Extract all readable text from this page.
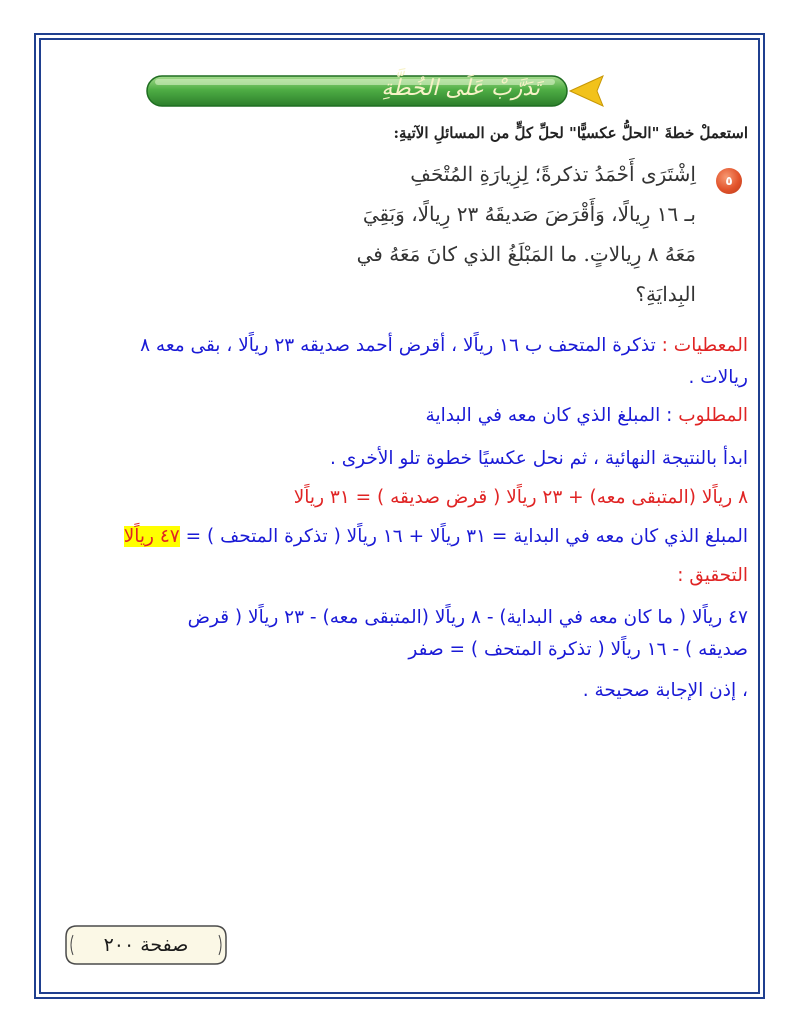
تَدَرَّبْ عَلَى الخُطَّةِ
استعملْ خطةَ "الحلُّ عكسيًّا" لحلِّ كلٍّ من المسائلِ الآتيةِ:
٥
اِشْتَرَى أَحْمَدُ تذكرةً؛ لِزِيارَةِ المُتْحَفِ
بـ ١٦ رِيالًا، وَأَقْرَضَ صَديقَهُ ٢٣ رِيالًا، وَبَقِيَ
مَعَهُ ٨ رِيالاتٍ. ما المَبْلَغُ الذي كانَ مَعَهُ في
البِدايَةِ؟
المعطيات : تذكرة المتحف ب ١٦ رياًلا ، أقرض أحمد صديقه ٢٣ رياًلا ، بقى معه ٨
ريالات .
المطلوب : المبلغ الذي كان معه في البداية
ابدأ بالنتيجة النهائية ، ثم نحل عكسيًا خطوة تلو الأخرى .
٨ رياًلا (المتبقى معه) + ٢٣ رياًلا ( قرض صديقه ) = ٣١ رياًلا
المبلغ الذي كان معه في البداية = ٣١ رياًلا + ١٦ رياًلا ( تذكرة المتحف ) = ٤٧ رياًلا
التحقيق :
٤٧ رياًلا ( ما كان معه في البداية) - ٨ رياًلا (المتبقى معه) - ٢٣ رياًلا ( قرض
صديقه ) - ١٦ رياًلا ( تذكرة المتحف ) = صفر
، إذن الإجابة صحيحة .
صفحة ٢٠٠
